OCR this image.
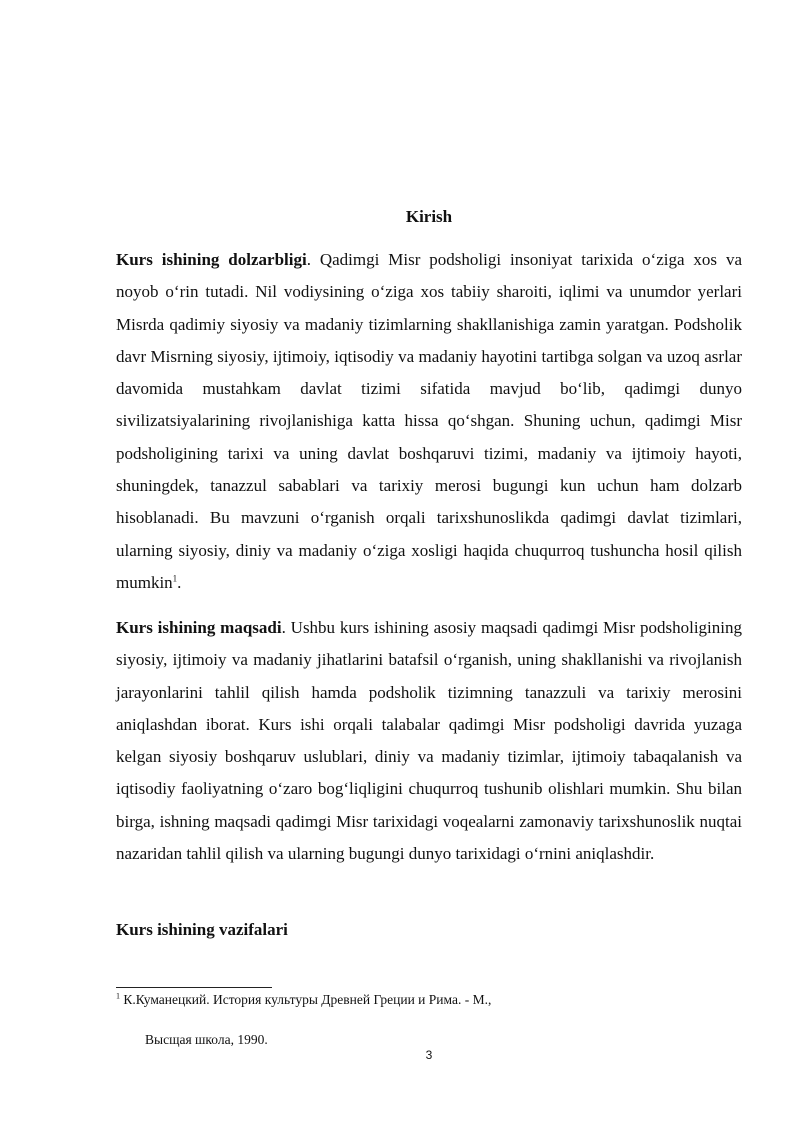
Kirish

Kurs ishining dolzarbligi. Qadimgi Misr podsholigi insoniyat tarixida oʻziga xos va noyob oʻrin tutadi. Nil vodiysining oʻziga xos tabiiy sharoiti, iqlimi va unumdor yerlari Misrda qadimiy siyosiy va madaniy tizimlarning shakllanishiga zamin yaratgan. Podsholik davr Misrning siyosiy, ijtimoiy, iqtisodiy va madaniy hayotini tartibga solgan va uzoq asrlar davomida mustahkam davlat tizimi sifatida mavjud boʻlib, qadimgi dunyo sivilizatsiyalarining rivojlanishiga katta hissa qoʻshgan. Shuning uchun, qadimgi Misr podsholigining tarixi va uning davlat boshqaruvi tizimi, madaniy va ijtimoiy hayoti, shuningdek, tanazzul sabablari va tarixiy merosi bugungi kun uchun ham dolzarb hisoblanadi. Bu mavzuni oʻrganish orqali tarixshunoslikda qadimgi davlat tizimlari, ularning siyosiy, diniy va madaniy oʻziga xosligi haqida chuqurroq tushuncha hosil qilish mumkin$^1$.

Kurs ishining maqsadi. Ushbu kurs ishining asosiy maqsadi qadimgi Misr podsholigining siyosiy, ijtimoiy va madaniy jihatlarini batafsil oʻrganish, uning shakllanishi va rivojlanish jarayonlarini tahlil qilish hamda podsholik tizimning tanazzuli va tarixiy merosini aniqlashdan iborat. Kurs ishi orqali talabalar qadimgi Misr podsholigi davrida yuzaga kelgan siyosiy boshqaruv uslublari, diniy va madaniy tizimlar, ijtimoiy tabaqalanish va iqtisodiy faoliyatning oʻzaro bogʻliqligini chuqurroq tushunib olishlari mumkin. Shu bilan birga, ishning maqsadi qadimgi Misr tarixidagi voqealarni zamonaviy tarixshunoslik nuqtai nazaridan tahlil qilish va ularning bugungi dunyo tarixidagi oʻrnini aniqlashdir.

Kurs ishining vazifalari

$^1$ К.Куманецкий. История культуры Древней Греции и Рима. - М.,

Высщая школа, 1990.

3
